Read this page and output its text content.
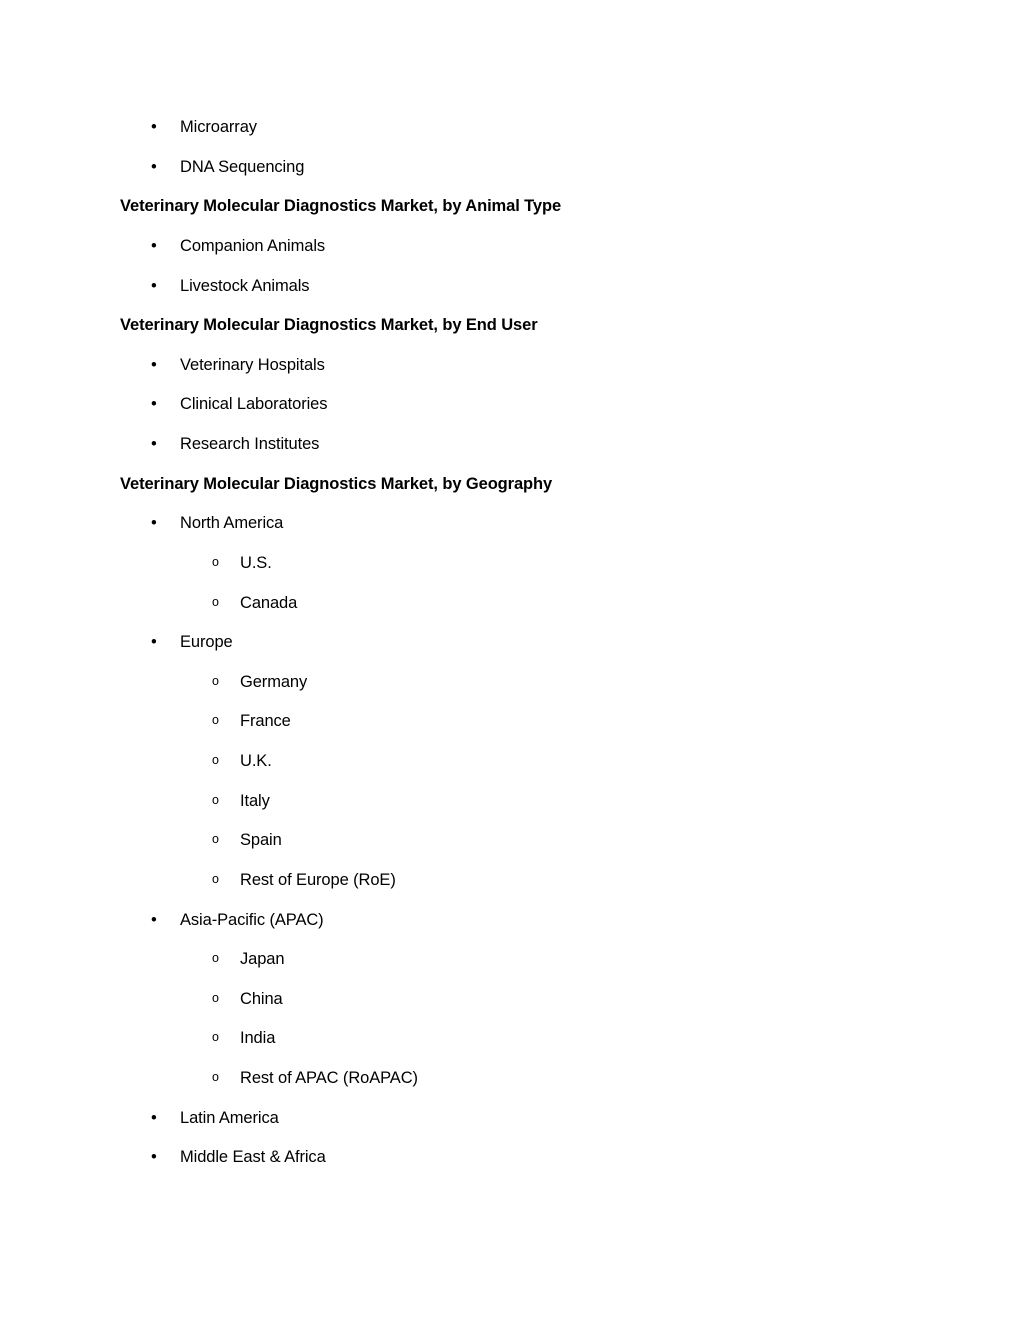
• Microarray
• DNA Sequencing

Veterinary Molecular Diagnostics Market, by Animal Type

• Companion Animals
• Livestock Animals

Veterinary Molecular Diagnostics Market, by End User

• Veterinary Hospitals
• Clinical Laboratories
• Research Institutes

Veterinary Molecular Diagnostics Market, by Geography

• North America
o U.S.
o Canada
• Europe
o Germany
o France
o U.K.
o Italy
o Spain
o Rest of Europe (RoE)
• Asia-Pacific (APAC)
o Japan
o China
o India
o Rest of APAC (RoAPAC)
• Latin America
• Middle East & Africa
